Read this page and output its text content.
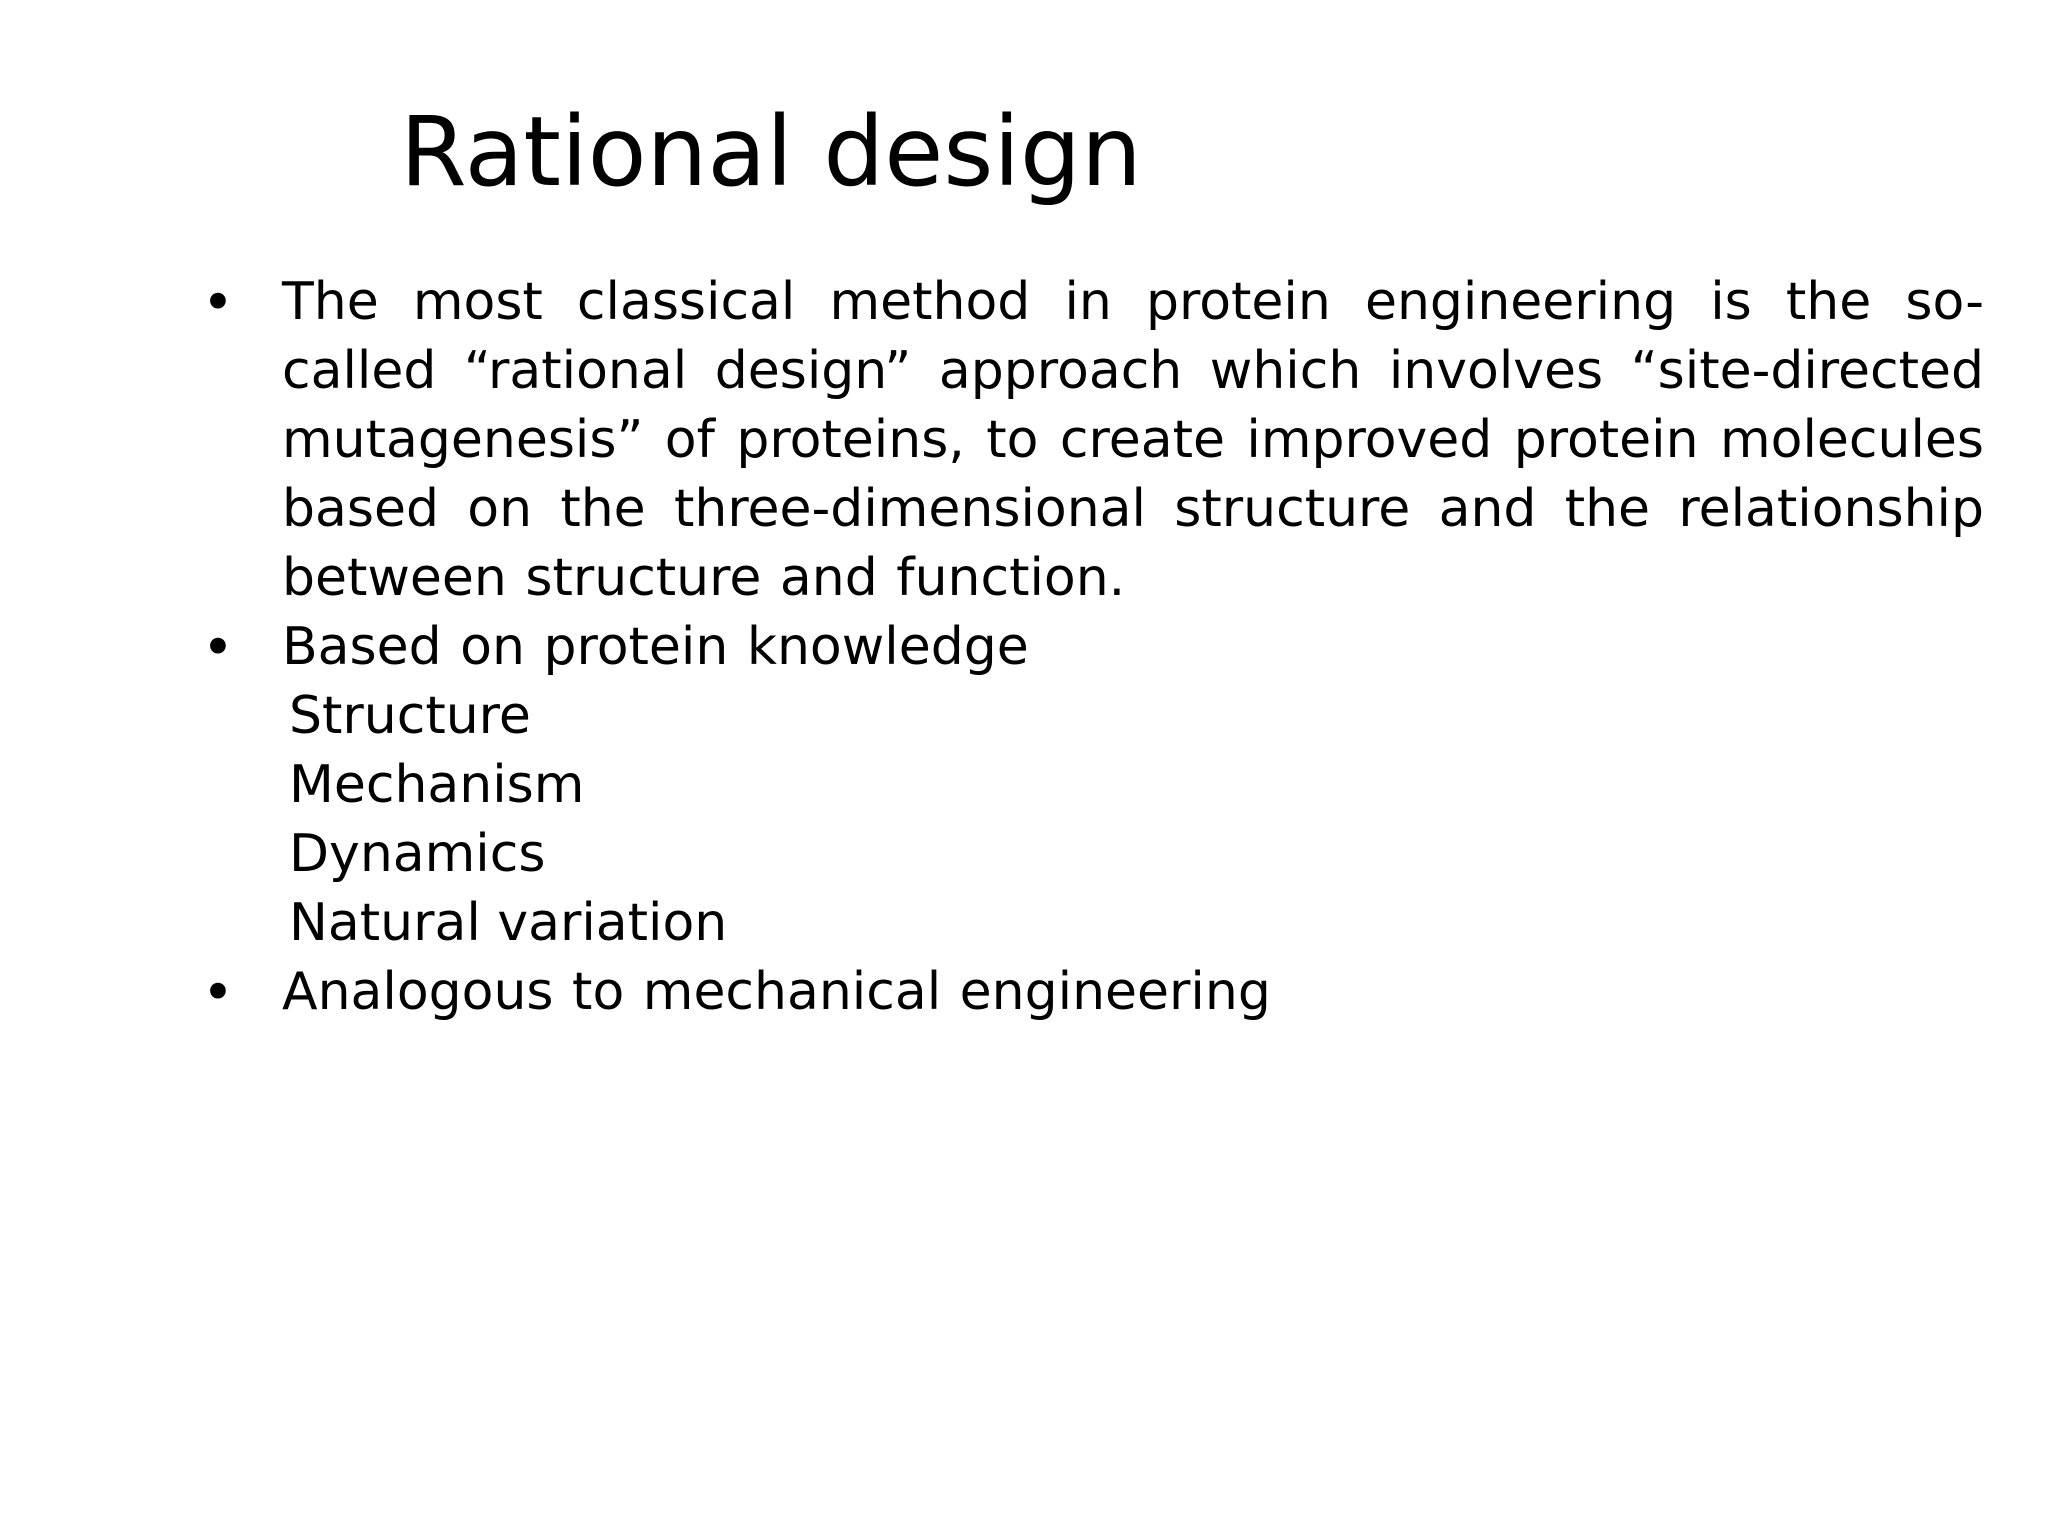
Rational design
• The most classical method in protein engineering is the so-called “rational design” approach which involves “site-directed mutagenesis” of proteins, to create improved protein molecules based on the three-dimensional structure and the relationship between structure and function.
• Based on protein knowledge
Structure
Mechanism
Dynamics
Natural variation
• Analogous to mechanical engineering
